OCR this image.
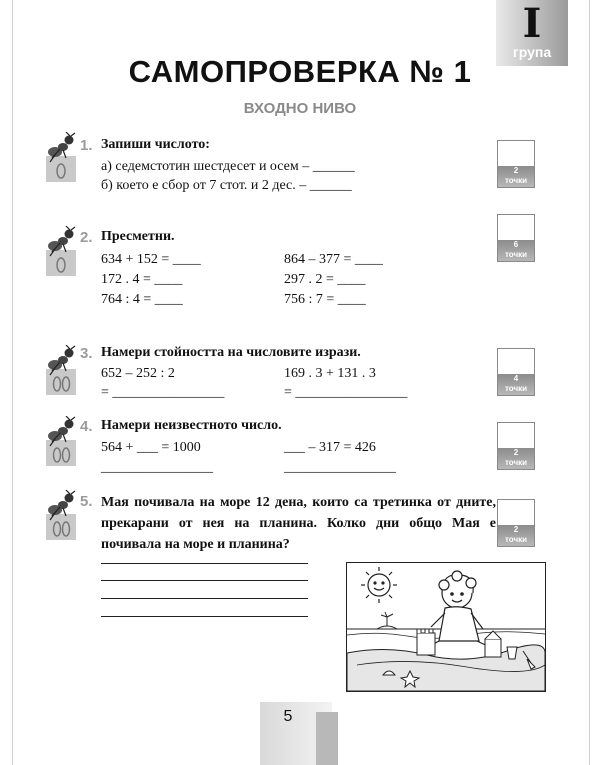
I
група
САМОПРОВЕРКА № 1
ВХОДНО НИВО
1. Запиши числото:
а) седемстотин шестдесет и осем – ______
б) което е сбор от 7 стот. и 2 дес. – ______
2
точки
2. Пресметни.
634 + 152 = ____
172 . 4 = ____
764 : 4 = ____
864 – 377 = ____
297 . 2 = ____
756 : 7 = ____
6
точки
3. Намери стойността на числовите изрази.
652 – 252 : 2
= ________________
169 . 3 + 131 . 3
= ________________
4
точки
4. Намери неизвестното число.
564 + ___ = 1000
________________
___ – 317 = 426
________________
2
точки
5. Мая почивала на море 12 дена, които са третинка от дните, прекарани от нея на планина. Колко дни общо Мая е почивала на море и планина?
2
точки
5
